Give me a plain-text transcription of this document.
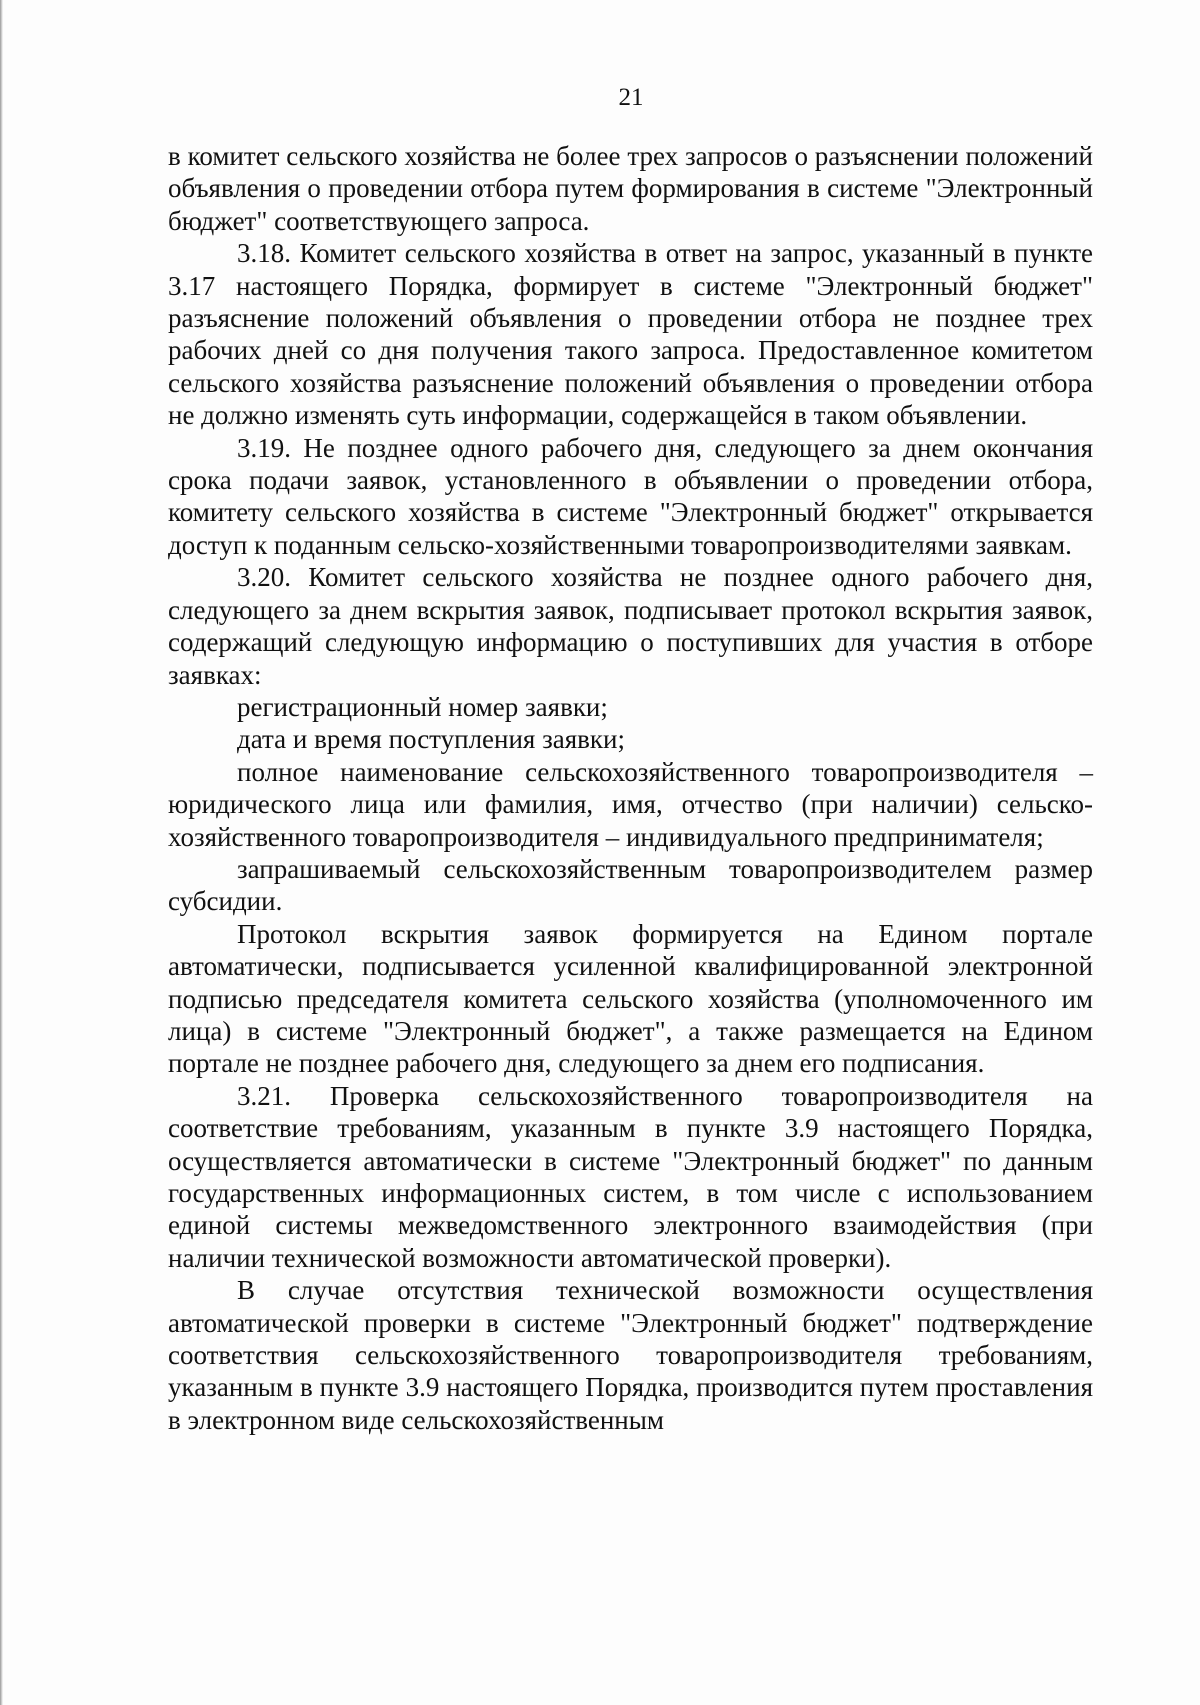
21

в комитет сельского хозяйства не более трех запросов о разъяснении положений объявления о проведении отбора путем формирования в системе "Электронный бюджет" соответствующего запроса.

3.18. Комитет сельского хозяйства в ответ на запрос, указанный в пункте 3.17 настоящего Порядка, формирует в системе "Электронный бюджет" разъяснение положений объявления о проведении отбора не позднее трех рабочих дней со дня получения такого запроса. Предоставленное комитетом сельского хозяйства разъяснение положений объявления о проведении отбора не должно изменять суть информации, содержащейся в таком объявлении.

3.19. Не позднее одного рабочего дня, следующего за днем окончания срока подачи заявок, установленного в объявлении о проведении отбора, комитету сельского хозяйства в системе "Электронный бюджет" открывается доступ к поданным сельско-хозяйственными товаропроизводителями заявкам.

3.20. Комитет сельского хозяйства не позднее одного рабочего дня, следующего за днем вскрытия заявок, подписывает протокол вскрытия заявок, содержащий следующую информацию о поступивших для участия в отборе заявках:

регистрационный номер заявки;

дата и время поступления заявки;

полное наименование сельскохозяйственного товаропроизводителя – юридического лица или фамилия, имя, отчество (при наличии) сельско-хозяйственного товаропроизводителя – индивидуального предпринимателя;

запрашиваемый сельскохозяйственным товаропроизводителем размер субсидии.

Протокол вскрытия заявок формируется на Едином портале автоматически, подписывается усиленной квалифицированной электронной подписью председателя комитета сельского хозяйства (уполномоченного им лица) в системе "Электронный бюджет", а также размещается на Едином портале не позднее рабочего дня, следующего за днем его подписания.

3.21. Проверка сельскохозяйственного товаропроизводителя на соответствие требованиям, указанным в пункте 3.9 настоящего Порядка, осуществляется автоматически в системе "Электронный бюджет" по данным государственных информационных систем, в том числе с использованием единой системы межведомственного электронного взаимодействия (при наличии технической возможности автоматической проверки).

В случае отсутствия технической возможности осуществления автоматической проверки в системе "Электронный бюджет" подтверждение соответствия сельскохозяйственного товаропроизводителя требованиям, указанным в пункте 3.9 настоящего Порядка, производится путем проставления в электронном виде сельскохозяйственным
